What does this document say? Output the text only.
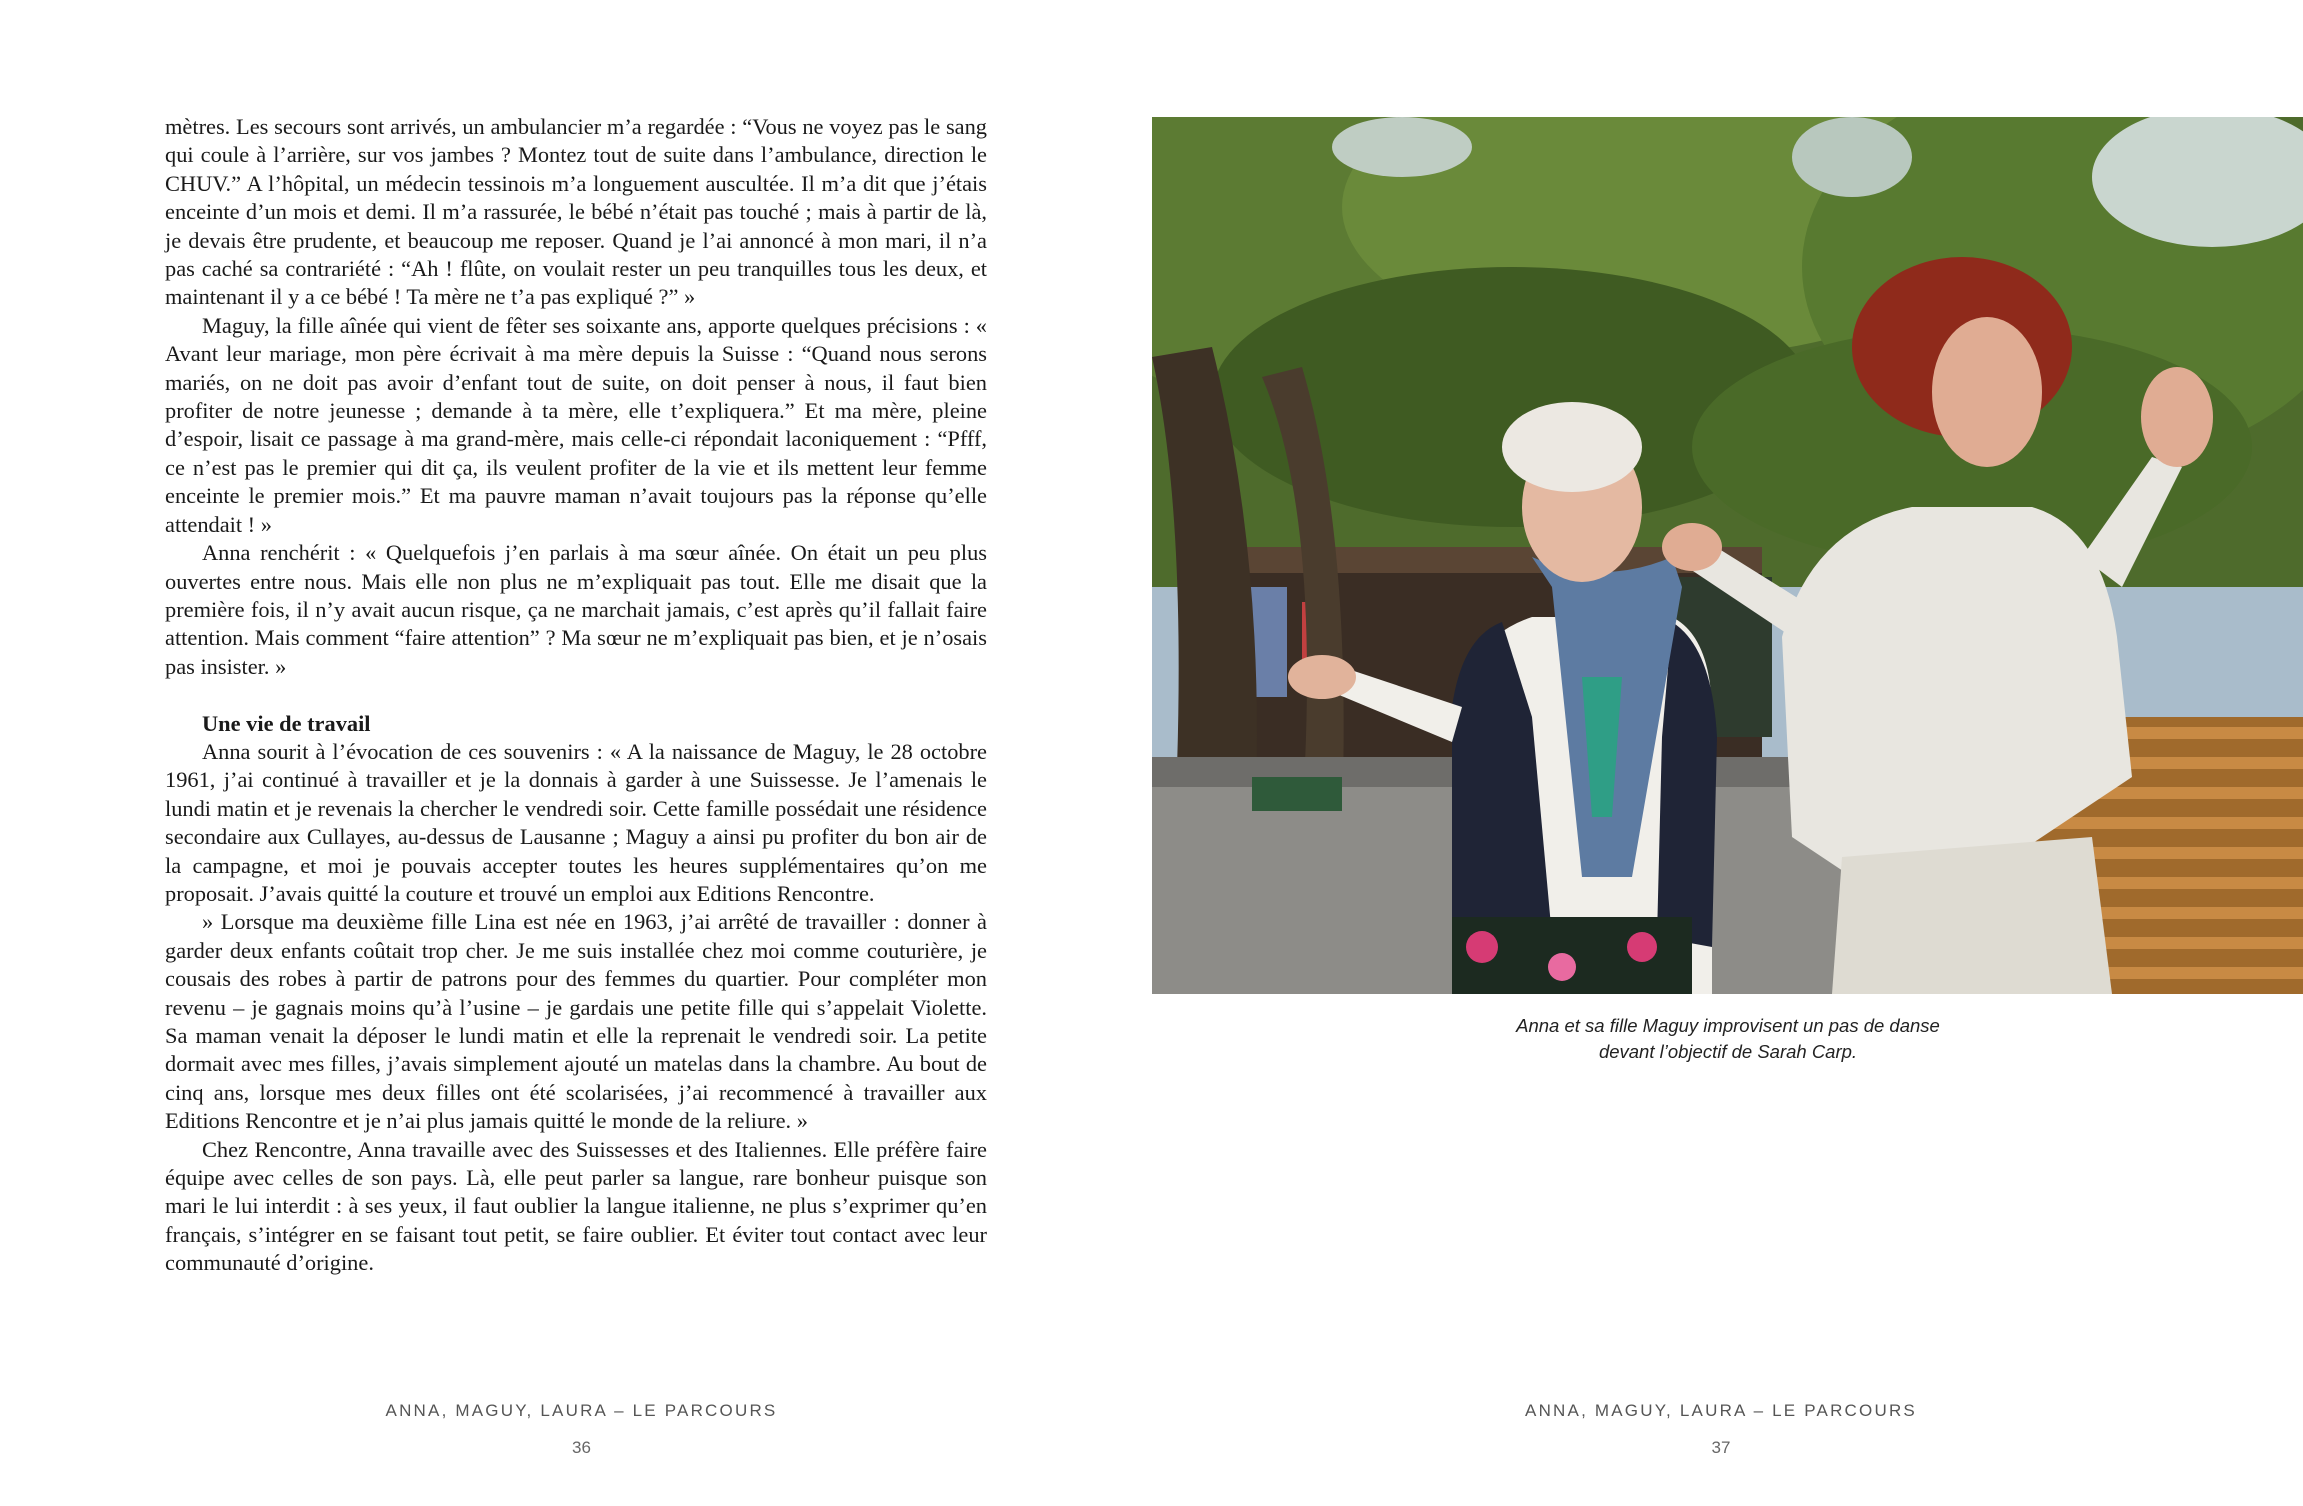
mètres. Les secours sont arrivés, un ambulancier m’a regardée : “Vous ne voyez pas le sang qui coule à l’arrière, sur vos jambes ? Montez tout de suite dans l’ambulance, direction le CHUV.” A l’hôpital, un médecin tessinois m’a longuement auscultée. Il m’a dit que j’étais enceinte d’un mois et demi. Il m’a rassurée, le bébé n’était pas touché ; mais à partir de là, je devais être prudente, et beaucoup me reposer. Quand je l’ai annoncé à mon mari, il n’a pas caché sa contrariété : “Ah ! flûte, on voulait rester un peu tranquilles tous les deux, et maintenant il y a ce bébé ! Ta mère ne t’a pas expliqué ?” »

Maguy, la fille aînée qui vient de fêter ses soixante ans, apporte quelques précisions : « Avant leur mariage, mon père écrivait à ma mère depuis la Suisse : “Quand nous serons mariés, on ne doit pas avoir d’enfant tout de suite, on doit penser à nous, il faut bien profiter de notre jeunesse ; demande à ta mère, elle t’expliquera.” Et ma mère, pleine d’espoir, lisait ce passage à ma grand-mère, mais celle-ci répondait laconiquement : “Pfff, ce n’est pas le premier qui dit ça, ils veulent profiter de la vie et ils mettent leur femme enceinte le premier mois.” Et ma pauvre maman n’avait toujours pas la réponse qu’elle attendait ! »

Anna renchérit : « Quelquefois j’en parlais à ma sœur aînée. On était un peu plus ouvertes entre nous. Mais elle non plus ne m’expliquait pas tout. Elle me disait que la première fois, il n’y avait aucun risque, ça ne marchait jamais, c’est après qu’il fallait faire attention. Mais comment “faire attention” ? Ma sœur ne m’expliquait pas bien, et je n’osais pas insister. »

Une vie de travail

Anna sourit à l’évocation de ces souvenirs : « A la naissance de Maguy, le 28 octobre 1961, j’ai continué à travailler et je la donnais à garder à une Suissesse. Je l’amenais le lundi matin et je revenais la chercher le vendredi soir. Cette famille possédait une résidence secondaire aux Cullayes, au-dessus de Lausanne ; Maguy a ainsi pu profiter du bon air de la campagne, et moi je pouvais accepter toutes les heures supplémentaires qu’on me proposait. J’avais quitté la couture et trouvé un emploi aux Editions Rencontre.

» Lorsque ma deuxième fille Lina est née en 1963, j’ai arrêté de travailler : donner à garder deux enfants coûtait trop cher. Je me suis installée chez moi comme couturière, je cousais des robes à partir de patrons pour des femmes du quartier. Pour compléter mon revenu – je gagnais moins qu’à l’usine – je gardais une petite fille qui s’appelait Violette. Sa maman venait la déposer le lundi matin et elle la reprenait le vendredi soir. La petite dormait avec mes filles, j’avais simplement ajouté un matelas dans la chambre. Au bout de cinq ans, lorsque mes deux filles ont été scolarisées, j’ai recommencé à travailler aux Editions Rencontre et je n’ai plus jamais quitté le monde de la reliure. »

Chez Rencontre, Anna travaille avec des Suissesses et des Italiennes. Elle préfère faire équipe avec celles de son pays. Là, elle peut parler sa langue, rare bonheur puisque son mari le lui interdit : à ses yeux, il faut oublier la langue italienne, ne plus s’exprimer qu’en français, s’intégrer en se faisant tout petit, se faire oublier. Et éviter tout contact avec leur communauté d’origine.

ANNA, MAGUY, LAURA – LE PARCOURS
36
ANNA, MAGUY, LAURA – LE PARCOURS
37
Anna et sa fille Maguy improvisent un pas de danse
devant l’objectif de Sarah Carp.
